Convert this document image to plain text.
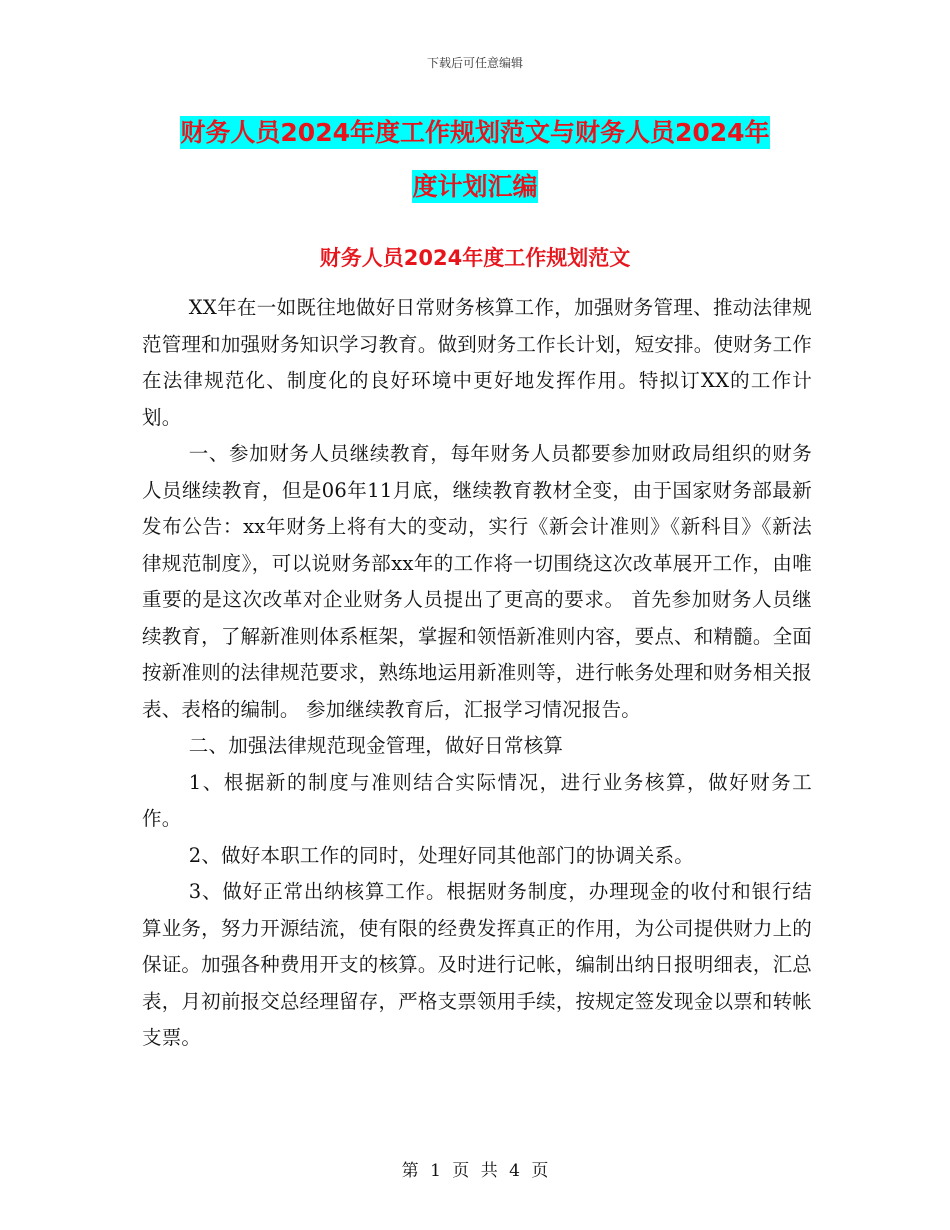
下载后可任意编辑
财务人员2024年度工作规划范文与财务人员2024年
度计划汇编
财务人员2024年度工作规划范文

XX年在一如既往地做好日常财务核算工作，加强财务管理、推动法律规范管理和加强财务知识学习教育。做到财务工作长计划，短安排。使财务工作在法律规范化、制度化的良好环境中更好地发挥作用。特拟订XX的工作计划。

一、参加财务人员继续教育，每年财务人员都要参加财政局组织的财务人员继续教育，但是06年11月底，继续教育教材全变，由于国家财务部最新发布公告：xx年财务上将有大的变动，实行《新会计准则》《新科目》《新法律规范制度》，可以说财务部xx年的工作将一切围绕这次改革展开工作，由唯重要的是这次改革对企业财务人员提出了更高的要求。 首先参加财务人员继续教育，了解新准则体系框架，掌握和领悟新准则内容，要点、和精髓。全面按新准则的法律规范要求，熟练地运用新准则等，进行帐务处理和财务相关报表、表格的编制。 参加继续教育后，汇报学习情况报告。

二、加强法律规范现金管理，做好日常核算

1、根据新的制度与准则结合实际情况，进行业务核算，做好财务工作。

2、做好本职工作的同时，处理好同其他部门的协调关系。

3、做好正常出纳核算工作。根据财务制度，办理现金的收付和银行结算业务，努力开源结流，使有限的经费发挥真正的作用，为公司提供财力上的保证。加强各种费用开支的核算。及时进行记帐，编制出纳日报明细表，汇总表，月初前报交总经理留存，严格支票领用手续，按规定签发现金以票和转帐支票。

第 1 页 共 4 页
